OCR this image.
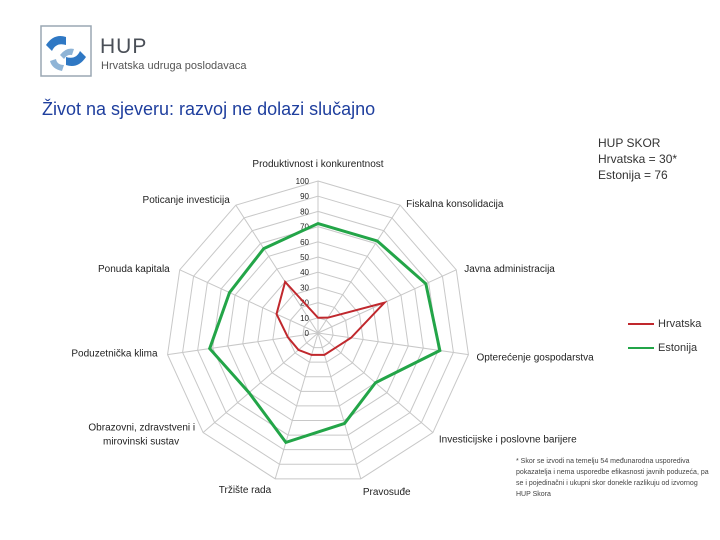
HUP
Hrvatska udruga poslodavaca
Život na sjeveru: razvoj ne dolazi slučajno
HUP SKOR
Hrvatska = 30*
Estonija = 76
100
90
80
70
60
50
40
30
20
10
0
Produktivnost i konkurentnost
Fiskalna konsolidacija
Javna administracija
Opterećenje gospodarstva
Investicijske i poslovne barijere
Pravosuđe
Tržište rada
Obrazovni, zdravstveni i mirovinski sustav
Poduzetnička klima
Ponuda kapitala
Poticanje investicija
Hrvatska
Estonija
* Skor se izvodi na temelju 54 međunarodna usporediva pokazatelja i nema usporedbe efikasnosti javnih poduzeća, pa se i pojedinačni i ukupni skor donekle razlikuju od izvornog HUP Skora
